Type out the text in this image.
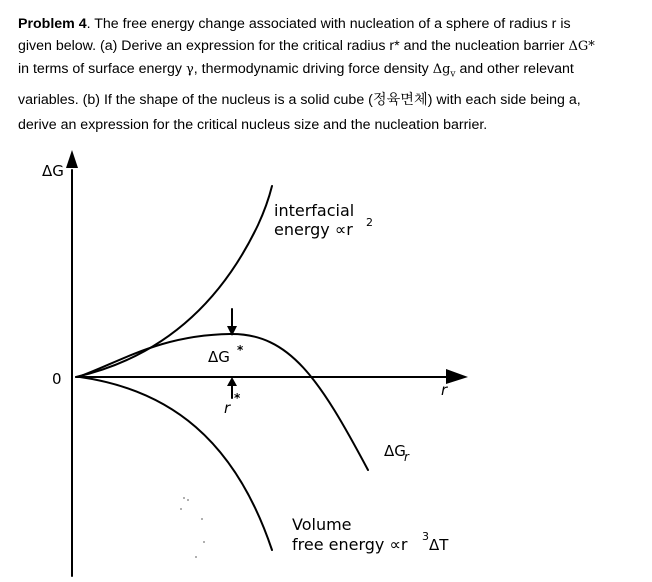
Problem 4. The free energy change associated with nucleation of a sphere of radius r is
given below. (a) Derive an expression for the critical radius r* and the nucleation barrier ΔG*
in terms of surface energy γ, thermodynamic driving force density $\Delta g_v$ and other relevant
variables. (b) If the shape of the nucleus is a solid cube (정육면체) with each side being a,
derive an expression for the critical nucleus size and the nucleation barrier.

ΔG
0
r
interfacial
energy ∝r 2
ΔG *
r
*
ΔG
r
Volume
free energy ∝r 3 ΔT
